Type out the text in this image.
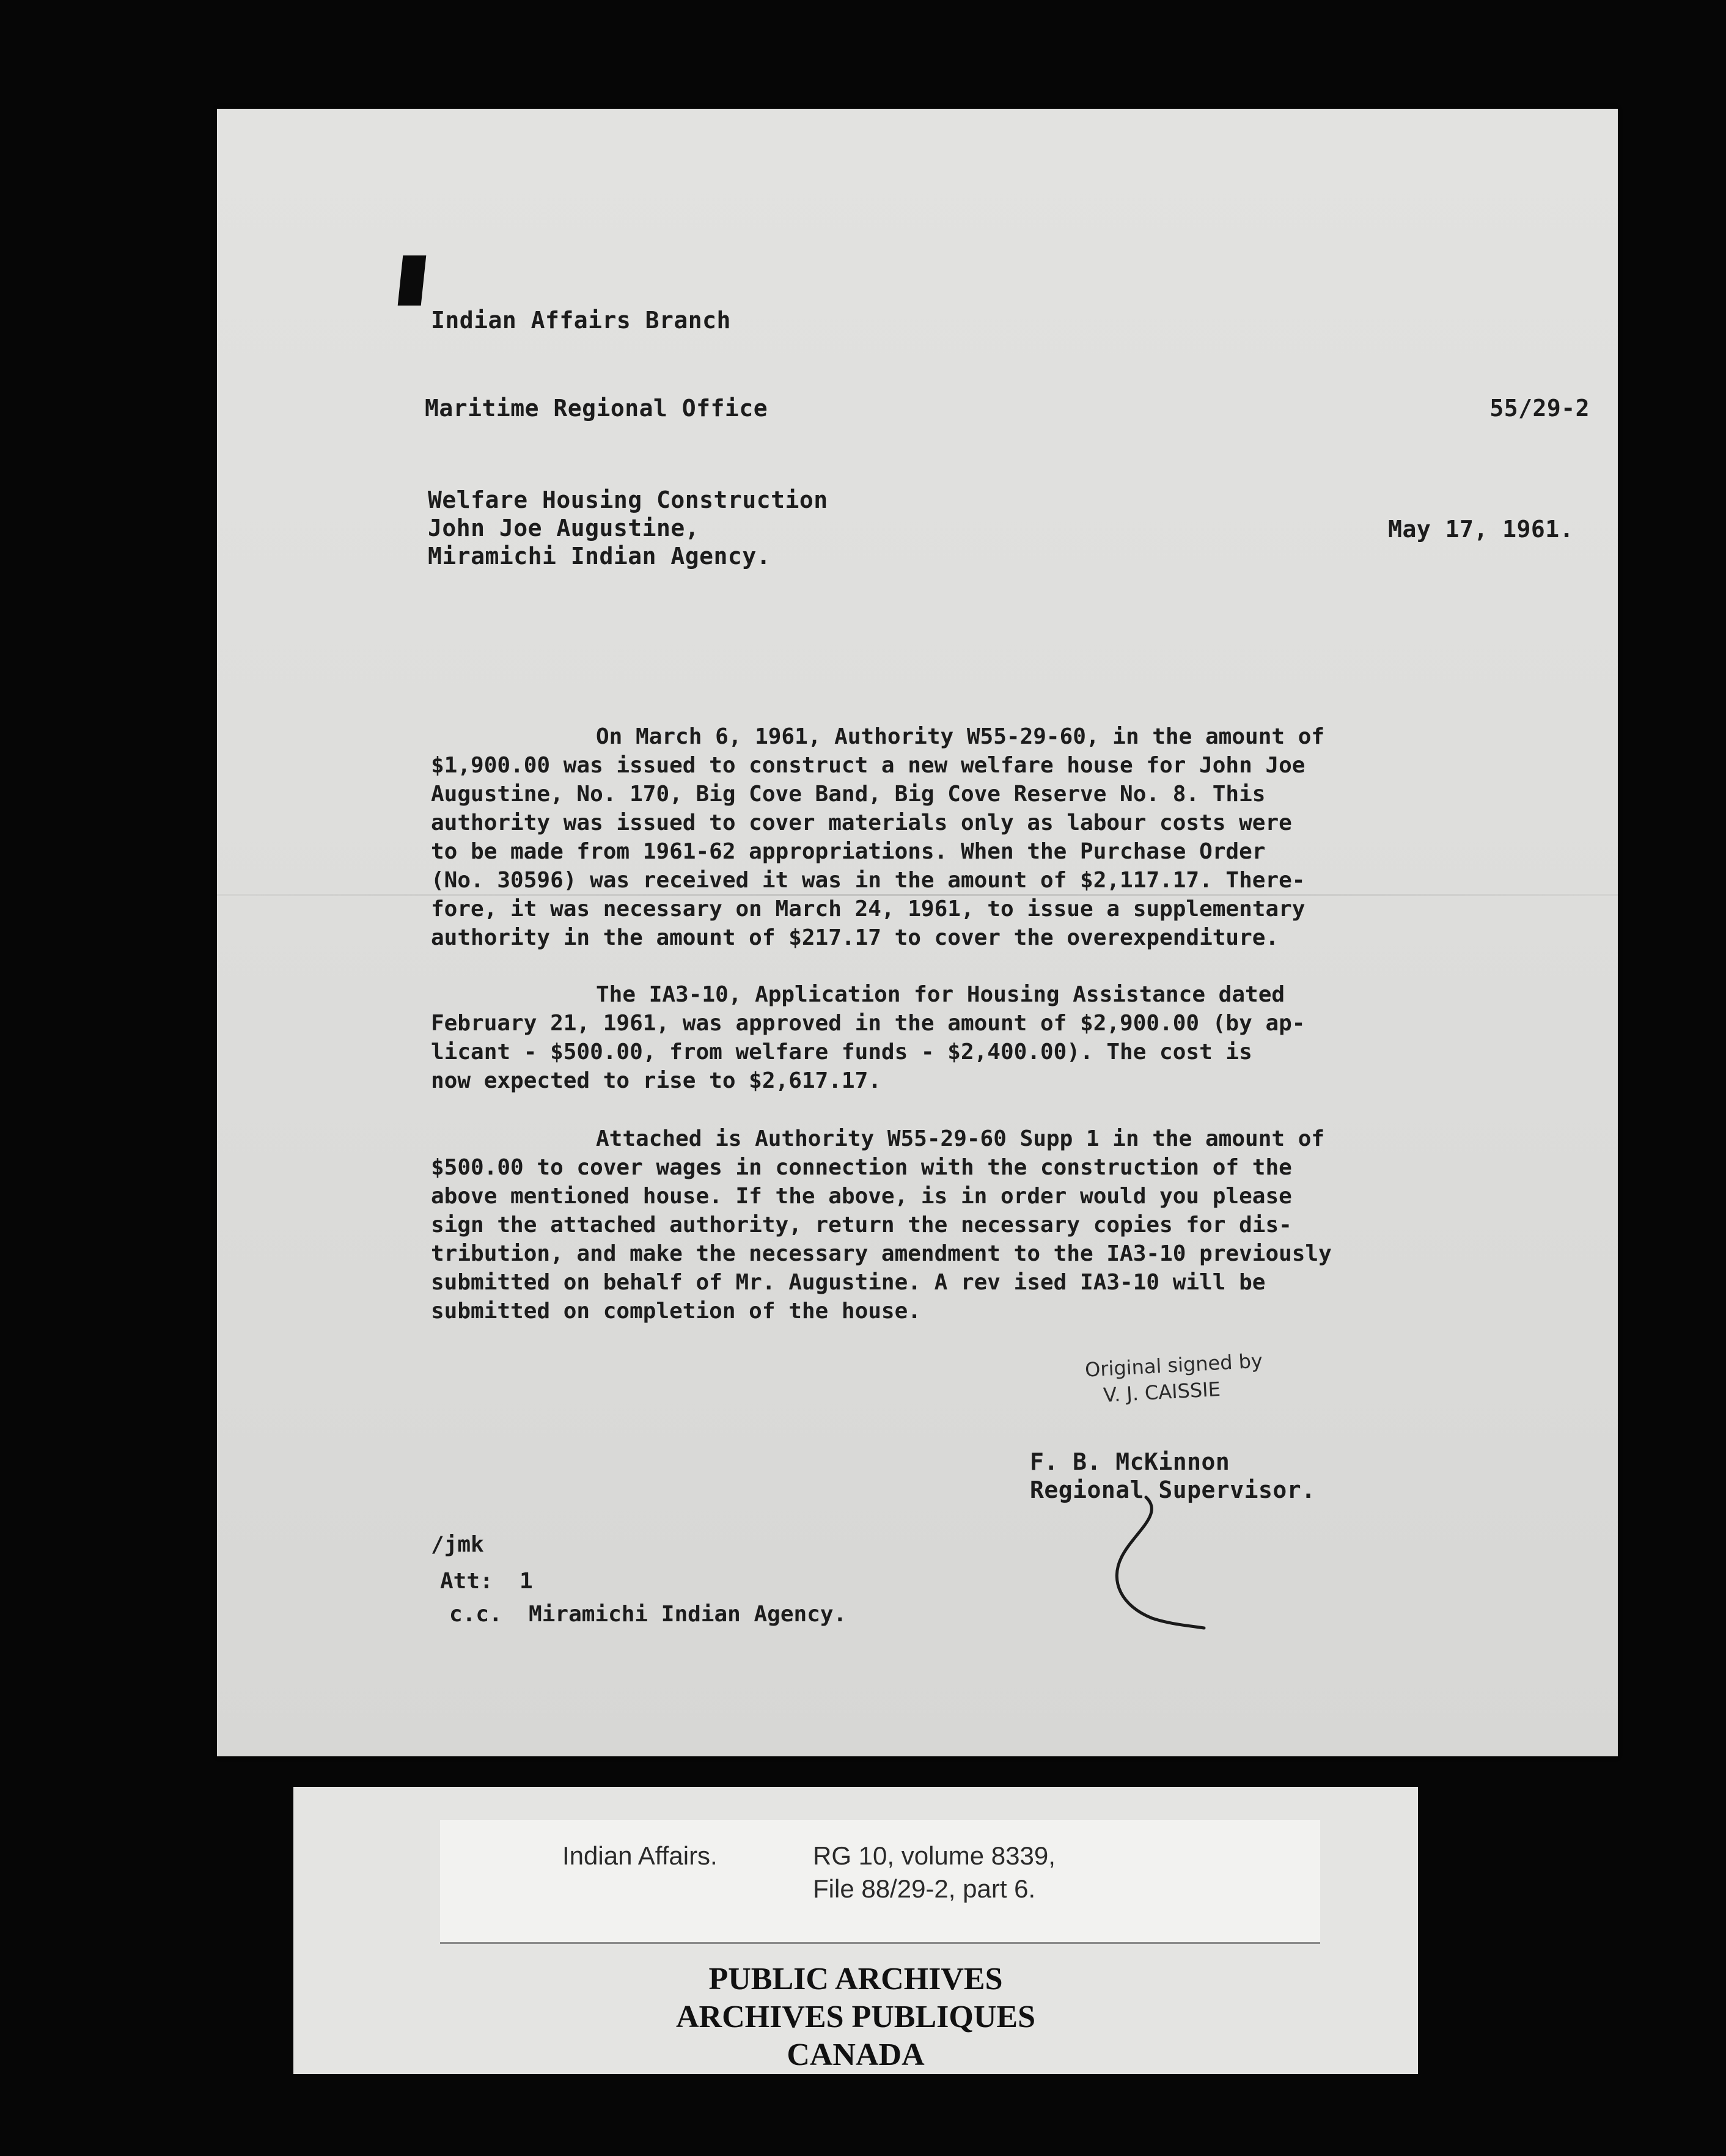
Indian Affairs Branch
Maritime Regional Office	55/29-2
Welfare Housing Construction
John Joe Augustine,
Miramichi Indian Agency.
May 17, 1961.
On March 6, 1961, Authority W55-29-60, in the amount of
$1,900.00 was issued to construct a new welfare house for John Joe
Augustine, No. 170, Big Cove Band, Big Cove Reserve No. 8. This
authority was issued to cover materials only as labour costs were
to be made from 1961-62 appropriations. When the Purchase Order
(No. 30596) was received it was in the amount of $2,117.17. There-
fore, it was necessary on March 24, 1961, to issue a supplementary
authority in the amount of $217.17 to cover the overexpenditure.
The IA3-10, Application for Housing Assistance dated
February 21, 1961, was approved in the amount of $2,900.00 (by ap-
licant - $500.00, from welfare funds - $2,400.00). The cost is
now expected to rise to $2,617.17.
Attached is Authority W55-29-60 Supp 1 in the amount of
$500.00 to cover wages in connection with the construction of the
above mentioned house. If the above, is in order would you please
sign the attached authority, return the necessary copies for dis-
tribution, and make the necessary amendment to the IA3-10 previously
submitted on behalf of Mr. Augustine. A rev ised IA3-10 will be
submitted on completion of the house.
Original signed by
V. J. CAISSIE
F. B. McKinnon
Regional Supervisor.
/jmk
Att:  1
c.c.  Miramichi Indian Agency.
Indian Affairs.	RG 10, volume 8339,
File 88/29-2, part 6.
PUBLIC ARCHIVES
ARCHIVES PUBLIQUES
CANADA
